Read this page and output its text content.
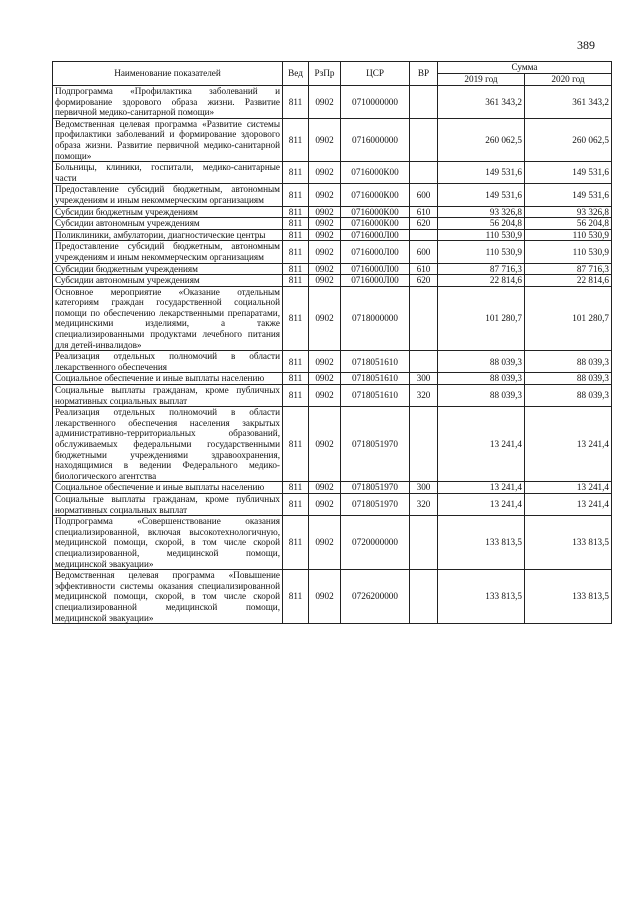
389
Наименование показателей	Вед	РзПр	ЦСР	ВР	Сумма	
					2019 год	2020 год
Подпрограмма «Профилактика заболеваний и формирование здорового образа жизни. Развитие первичной медико-санитарной помощи»	811	0902	0710000000		361 343,2	361 343,2
Ведомственная целевая программа «Развитие системы профилактики заболеваний и формирование здорового образа жизни. Развитие первичной медико-санитарной помощи»	811	0902	0716000000		260 062,5	260 062,5
Больницы, клиники, госпитали, медико-санитарные части	811	0902	0716000К00		149 531,6	149 531,6
Предоставление субсидий бюджетным, автономным учреждениям и иным некоммерческим организациям	811	0902	0716000К00	600	149 531,6	149 531,6
Субсидии бюджетным учреждениям	811	0902	0716000К00	610	93 326,8	93 326,8
Субсидии автономным учреждениям	811	0902	0716000К00	620	56 204,8	56 204,8
Поликлиники, амбулатории, диагностические центры	811	0902	0716000Л00		110 530,9	110 530,9
Предоставление субсидий бюджетным, автономным учреждениям и иным некоммерческим организациям	811	0902	0716000Л00	600	110 530,9	110 530,9
Субсидии бюджетным учреждениям	811	0902	0716000Л00	610	87 716,3	87 716,3
Субсидии автономным учреждениям	811	0902	0716000Л00	620	22 814,6	22 814,6
Основное мероприятие «Оказание отдельным категориям граждан государственной социальной помощи по обеспечению лекарственными препаратами, медицинскими изделиями, а также специализированными продуктами лечебного питания для детей-инвалидов»	811	0902	0718000000		101 280,7	101 280,7
Реализация отдельных полномочий в области лекарственного обеспечения	811	0902	0718051610		88 039,3	88 039,3
Социальное обеспечение и иные выплаты населению	811	0902	0718051610	300	88 039,3	88 039,3
Социальные выплаты гражданам, кроме публичных нормативных социальных выплат	811	0902	0718051610	320	88 039,3	88 039,3
Реализация отдельных полномочий в области лекарственного обеспечения населения закрытых административно-территориальных образований, обслуживаемых федеральными государственными бюджетными учреждениями здравоохранения, находящимися в ведении Федерального медико-биологического агентства	811	0902	0718051970		13 241,4	13 241,4
Социальное обеспечение и иные выплаты населению	811	0902	0718051970	300	13 241,4	13 241,4
Социальные выплаты гражданам, кроме публичных нормативных социальных выплат	811	0902	0718051970	320	13 241,4	13 241,4
Подпрограмма «Совершенствование оказания специализированной, включая высокотехнологичную, медицинской помощи, скорой, в том числе скорой специализированной, медицинской помощи, медицинской эвакуации»	811	0902	0720000000		133 813,5	133 813,5
Ведомственная целевая программа «Повышение эффективности системы оказания специализированной медицинской помощи, скорой, в том числе скорой специализированной медицинской помощи, медицинской эвакуации»	811	0902	0726200000		133 813,5	133 813,5
